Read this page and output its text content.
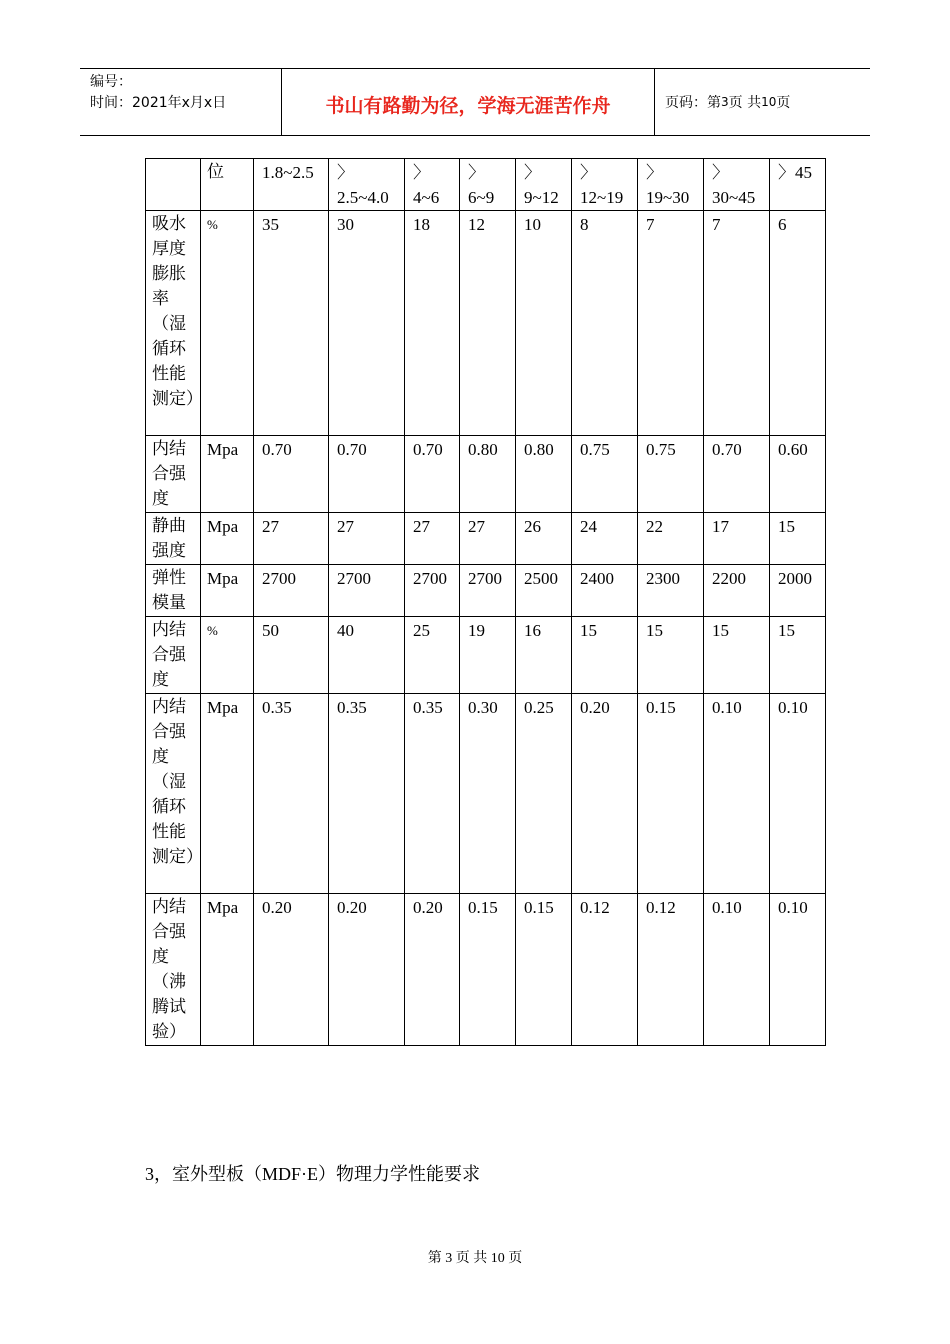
编号：
时间：2021年x月x日	书山有路勤为径，学海无涯苦作舟	页码：第 3 页 共 10 页
	位	1.8~2.5	〉 2.5~4.0	〉4~6	〉 6~9	〉9~12	〉12~19	〉 19~30	〉30~45	〉45
吸水厚度膨胀率（湿循环性能测定）	%	35	30	18	12	10	8	7	7	6
内结合强度	Mpa	0.70	0.70	0.70	0.80	0.80	0.75	0.75	0.70	0.60
静曲强度	Mpa	27	27	27	27	26	24	22	17	15
弹性模量	Mpa	2700	2700	2700	2700	2500	2400	2300	2200	2000
内结合强度	%	50	40	25	19	16	15	15	15	15
内结合强度（湿循环性能测定）	Mpa	0.35	0.35	0.35	0.30	0.25	0.20	0.15	0.10	0.10
内结合强度（沸腾试验）	Mpa	0.20	0.20	0.20	0.15	0.15	0.12	0.12	0.10	0.10
3，室外型板（MDF·E）物理力学性能要求
第 3 页 共 10 页
